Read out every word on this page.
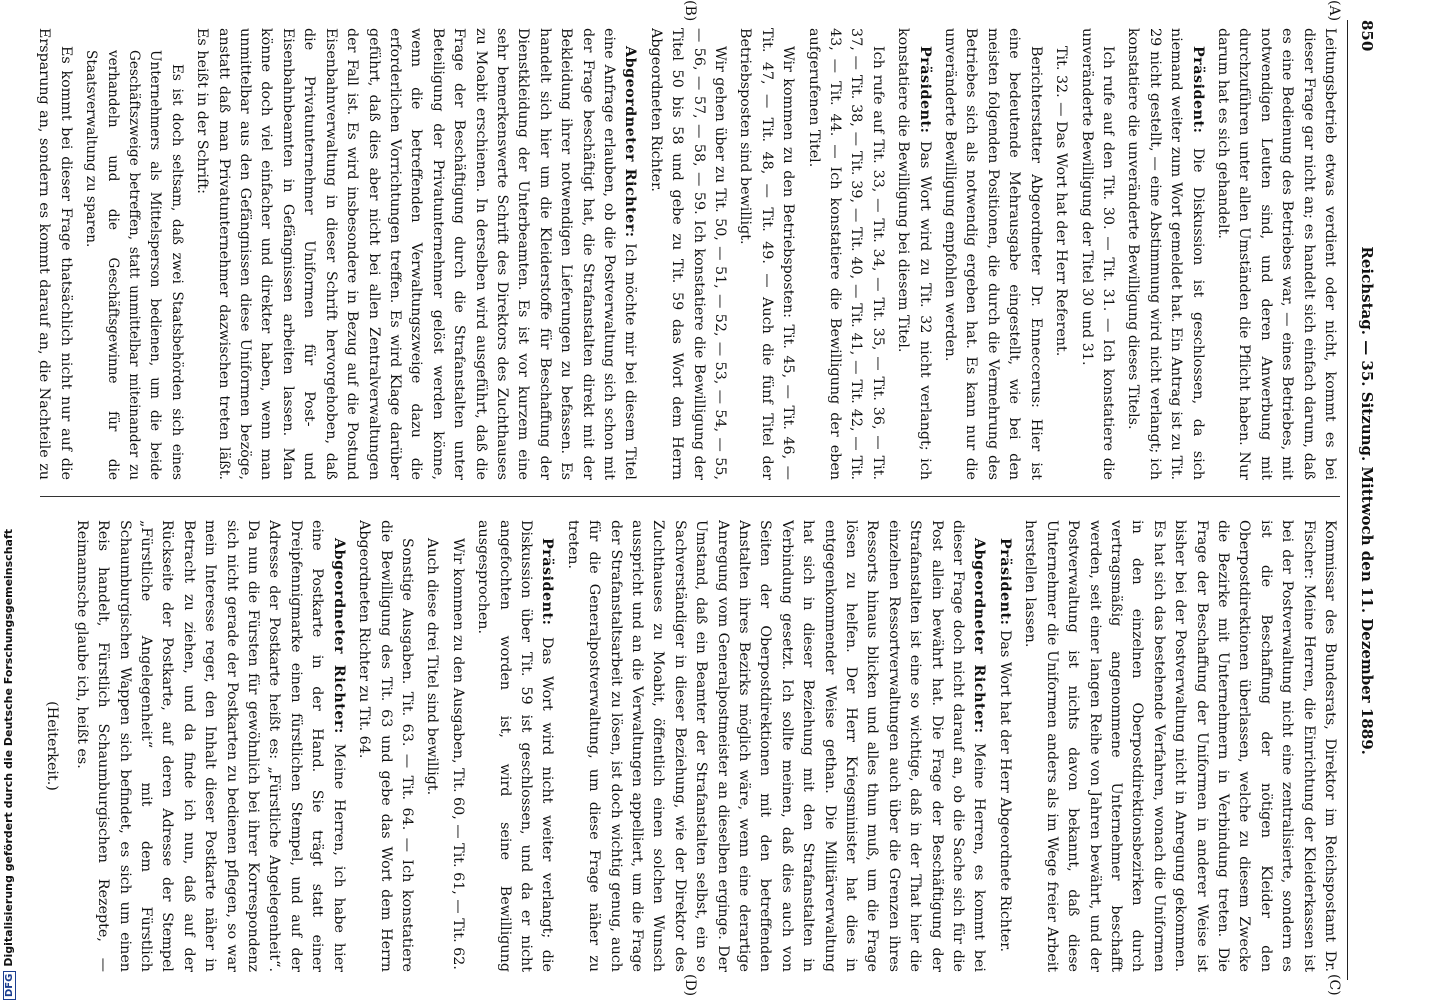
850
Reichstag. — 35. Sitzung. Mittwoch den 11. Dezember 1889.
(A)
(B)
(C)
(D)

Leitungsbetrieb etwas verdient oder nicht, kommt es bei dieser Frage gar nicht an; es handelt sich einfach darum, daß es eine Bedienung des Betriebes war, — eines Betriebes, mit notwendigen Leuten sind, und deren Anwerbung mit durchzuführen unter allen Umständen die Pflicht haben. Nur darum hat es sich gehandelt.

Präsident: Die Diskussion ist geschlossen, da sich niemand weiter zum Wort gemeldet hat. Ein Antrag ist zu Tit. 29 nicht gestellt, — eine Abstimmung wird nicht verlangt; ich konstatiere die unveränderte Bewilligung dieses Titels.

Ich rufe auf den Tit. 30. — Tit. 31. — Ich konstatiere die unveränderte Bewilligung der Titel 30 und 31.

Tit. 32. — Das Wort hat der Herr Referent.

Berichterstatter Abgeordneter Dr. Enneccerus: Hier ist eine bedeutende Mehrausgabe eingestellt, wie bei den meisten folgenden Positionen, die durch die Vermehrung des Betriebes sich als notwendig ergeben hat. Es kann nur die unveränderte Bewilligung empfohlen werden.

Präsident: Das Wort wird zu Tit. 32 nicht verlangt; ich konstatiere die Bewilligung bei diesem Titel.

Ich rufe auf Tit. 33, — Tit. 34, — Tit. 35, — Tit. 36, — Tit. 37, — Tit. 38, — Tit. 39, — Tit. 40, — Tit. 41, — Tit. 42, — Tit. 43, — Tit. 44. — Ich konstatiere die Bewilligung der eben aufgerufenen Titel.

Wir kommen zu den Betriebsposten: Tit. 45, — Tit. 46, — Tit. 47, — Tit. 48, — Tit. 49. — Auch die fünf Titel der Betriebsposten sind bewilligt.

Wir gehen über zu Tit. 50, — 51, — 52, — 53, — 54, — 55, — 56, — 57, — 58, — 59. Ich konstatiere die Bewilligung der Titel 50 bis 58 und gebe zu Tit. 59 das Wort dem Herrn Abgeordneten Richter.

Abgeordneter Richter: Ich möchte mir bei diesem Titel eine Anfrage erlauben, ob die Postverwaltung sich schon mit der Frage beschäftigt hat, die Strafanstalten direkt mit der Bekleidung ihrer notwendigen Lieferungen zu befassen. Es handelt sich hier um die Kleiderstoffe für Beschaffung der Dienstkleidung der Unterbeamten. Es ist vor kurzem eine sehr bemerkenswerte Schrift des Direktors des Zuchthauses zu Moabit erschienen. In derselben wird ausgeführt, daß die Frage der Beschäftigung durch die Strafanstalten unter Beteiligung der Privatunternehmer gelöst werden könne, wenn die betreffenden Verwaltungszweige dazu die erforderlichen Vorrichtungen treffen. Es wird Klage darüber geführt, daß dies aber nicht bei allen Zentralverwaltungen der Fall ist. Es wird insbesondere in Bezug auf die Postund Eisenbahnverwaltung in dieser Schrift hervorgehoben, daß die Privatunternehmer Uniformen für Post- und Eisenbahnbeamten in Gefängnissen arbeiten lassen. Man könne doch viel einfacher und direkter haben, wenn man unmittelbar aus den Gefängnissen diese Uniformen bezöge, anstatt daß man Privatunternehmer dazwischen treten läßt. Es heißt in der Schrift:

Es ist doch seltsam, daß zwei Staatsbehörden sich eines Unternehmers als Mittelsperson bedienen, um die beide Geschäftszweige betreffen, statt unmittelbar miteinander zu verhandeln und die Geschäftsgewinne für die Staatsverwaltung zu sparen.

Es kommt bei dieser Frage thatsächlich nicht nur auf die Ersparung an, sondern es kommt darauf an, die Nachteile zu

Kommissar des Bundesrats, Direktor im Reichspostamt Dr. Fischer: Meine Herren, die Einrichtung der Kleiderkassen ist bei der Postverwaltung nicht eine zentralisierte, sondern es ist die Beschaffung der nötigen Kleider den Oberpostdirektionen überlassen, welche zu diesem Zwecke die Bezirke mit Unternehmern in Verbindung treten. Die Frage der Beschaffung der Uniformen in anderer Weise ist bisher bei der Postverwaltung nicht in Anregung gekommen. Es hat sich das bestehende Verfahren, wonach die Uniformen in den einzelnen Oberpostdirektionsbezirken durch vertragsmäßig angenommene Unternehmer beschafft werden, seit einer langen Reihe von Jahren bewährt, und der Postverwaltung ist nichts davon bekannt, daß diese Unternehmer die Uniformen anders als im Wege freier Arbeit herstellen lassen.

Präsident: Das Wort hat der Herr Abgeordnete Richter.

Abgeordneter Richter: Meine Herren, es kommt bei dieser Frage doch nicht darauf an, ob die Sache sich für die Post allein bewährt hat. Die Frage der Beschäftigung der Strafanstalten ist eine so wichtige, daß in der That hier die einzelnen Ressortverwaltungen auch über die Grenzen ihres Ressorts hinaus blicken und alles thun muß, um die Frage lösen zu helfen. Der Herr Kriegsminister hat dies in entgegenkommender Weise gethan. Die Militärverwaltung hat sich in dieser Beziehung mit den Strafanstalten in Verbindung gesetzt. Ich sollte meinen, daß dies auch von Seiten der Oberpostdirektionen mit den betreffenden Anstalten ihres Bezirks möglich wäre, wenn eine derartige Anregung vom Generalpostmeister an dieselben erginge. Der Umstand, daß ein Beamter der Strafanstalten selbst, ein so Sachverständiger in dieser Beziehung, wie der Direktor des Zuchthauses zu Moabit, öffentlich einen solchen Wunsch ausspricht und an die Verwaltungen appelliert, um die Frage der Strafanstaltsarbeit zu lösen, ist doch wichtig genug, auch für die Generalpostverwaltung, um diese Frage näher zu treten.

Präsident: Das Wort wird nicht weiter verlangt; die Diskussion über Tit. 59 ist geschlossen, und da er nicht angefochten worden ist, wird seine Bewilligung ausgesprochen.

Wir kommen zu den Ausgaben, Tit. 60, — Tit. 61, — Tit. 62.

Auch diese drei Titel sind bewilligt.

Sonstige Ausgaben. Tit. 63. — Tit. 64. — Ich konstatiere die Bewilligung des Tit. 63 und gebe das Wort dem Herrn Abgeordneten Richter zu Tit. 64.

Abgeordneter Richter: Meine Herren, ich habe hier eine Postkarte in der Hand. Sie trägt statt einer Dreipfennigmarke einen fürstlichen Stempel, und auf der Adresse der Postkarte heißt es: „Fürstliche Angelegenheit“. Da nun die Fürsten für gewöhnlich bei ihrer Korrespondenz sich nicht gerade der Postkarten zu bedienen pflegen, so war mein Interesse reger, den Inhalt dieser Postkarte näher in Betracht zu ziehen, und da finde ich nun, daß auf der Rückseite der Postkarte, auf deren Adresse der Stempel „Fürstliche Angelegenheit“ mit dem Fürstlich Schaumburgischen Wappen sich befindet, es sich um einen Reis handelt, Fürstlich Schaumburgischen Rezepte, — Reimannsche glaube ich, heißt es.

(Heiterkeit.)

DFGDigitalisierung gefördert durch die Deutsche Forschungsgemeinschaft
